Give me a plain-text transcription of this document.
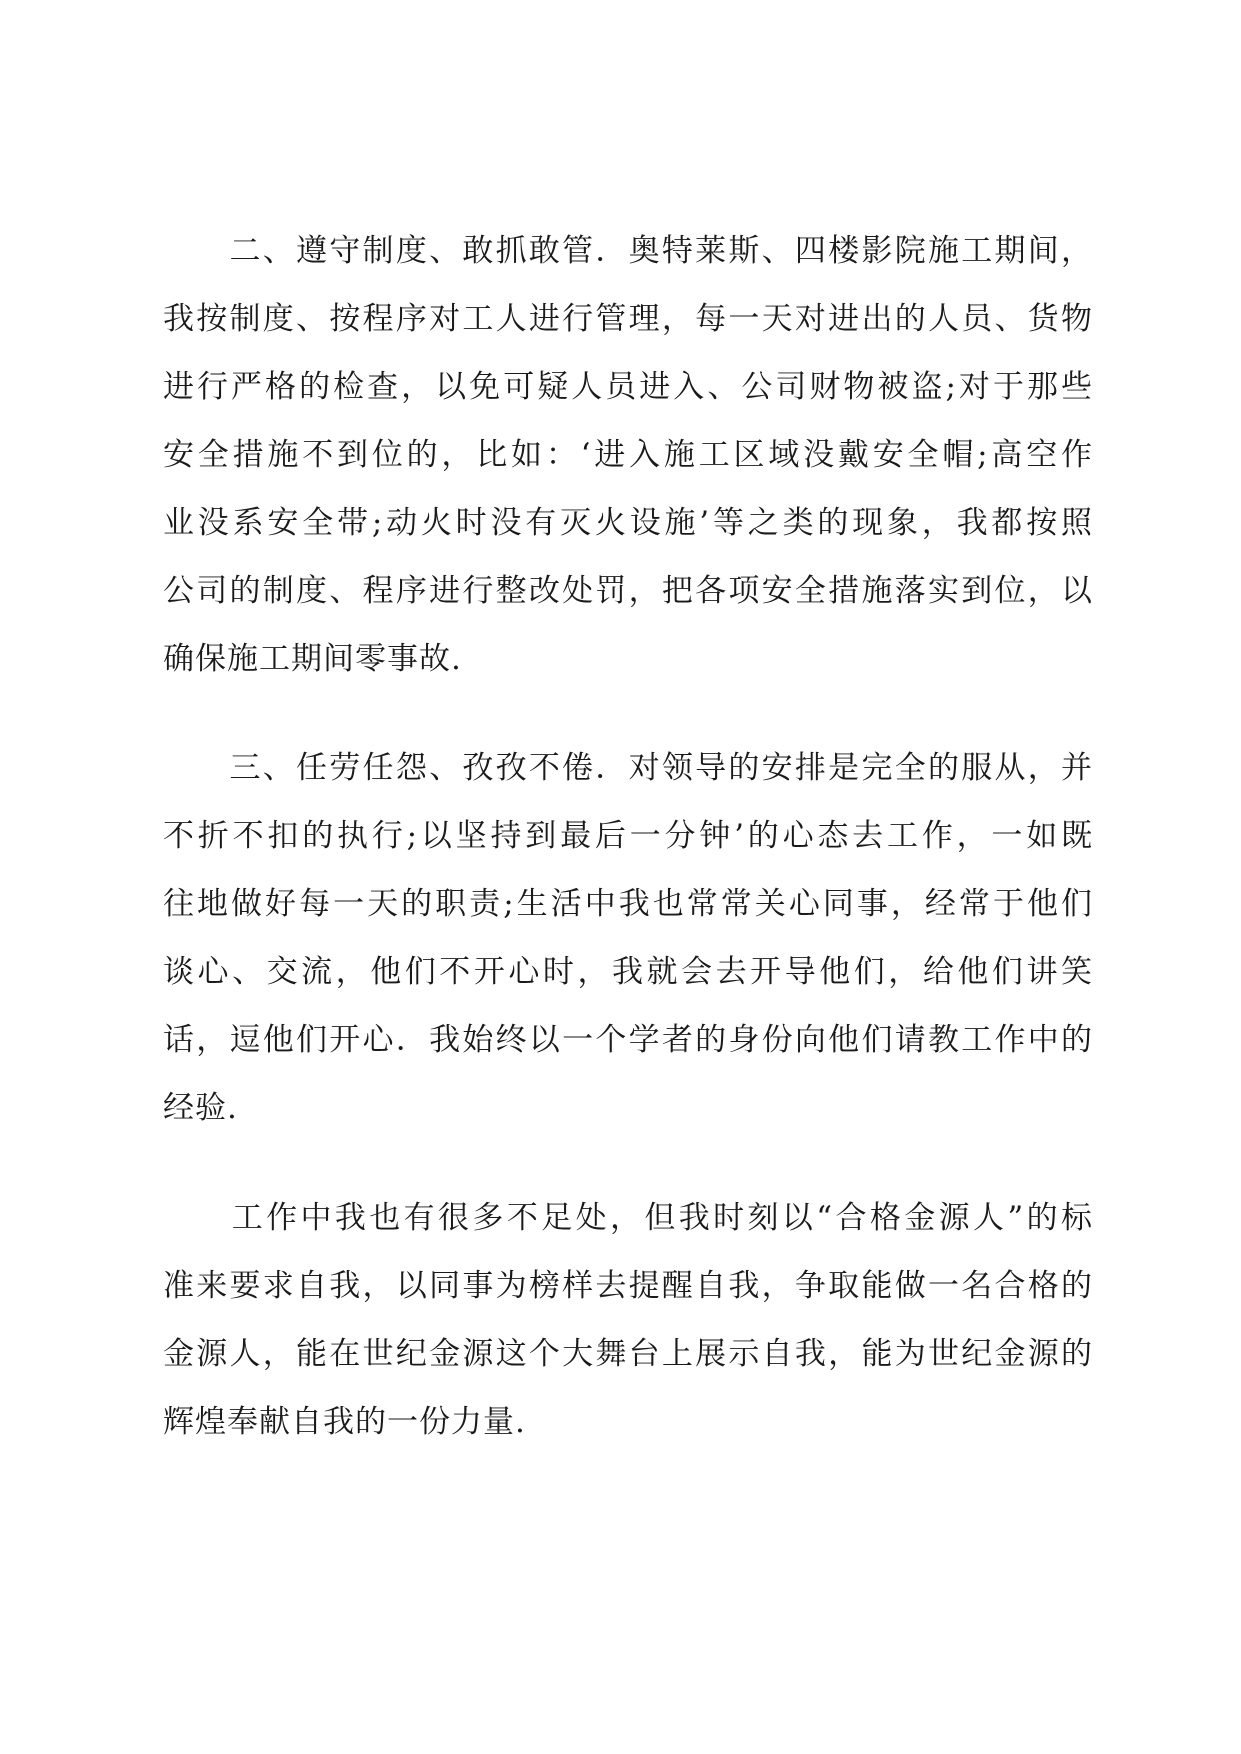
　　二、遵守制度、敢抓敢管．奥特莱斯、四楼影院施工期间，
我按制度、按程序对工人进行管理，每一天对进出的人员、货物
进行严格的检查，以免可疑人员进入、公司财物被盗;对于那些
安全措施不到位的，比如：‘进入施工区域没戴安全帽;高空作
业没系安全带;动火时没有灭火设施’等之类的现象，我都按照
公司的制度、程序进行整改处罚，把各项安全措施落实到位，以
确保施工期间零事故.
　　三、任劳任怨、孜孜不倦．对领导的安排是完全的服从，并
不折不扣的执行;以坚持到最后一分钟’的心态去工作，一如既
往地做好每一天的职责;生活中我也常常关心同事，经常于他们
谈心、交流，他们不开心时，我就会去开导他们，给他们讲笑
话，逗他们开心．我始终以一个学者的身份向他们请教工作中的
经验.
　　工作中我也有很多不足处，但我时刻以“合格金源人”的标
准来要求自我，以同事为榜样去提醒自我，争取能做一名合格的
金源人，能在世纪金源这个大舞台上展示自我，能为世纪金源的
辉煌奉献自我的一份力量.
